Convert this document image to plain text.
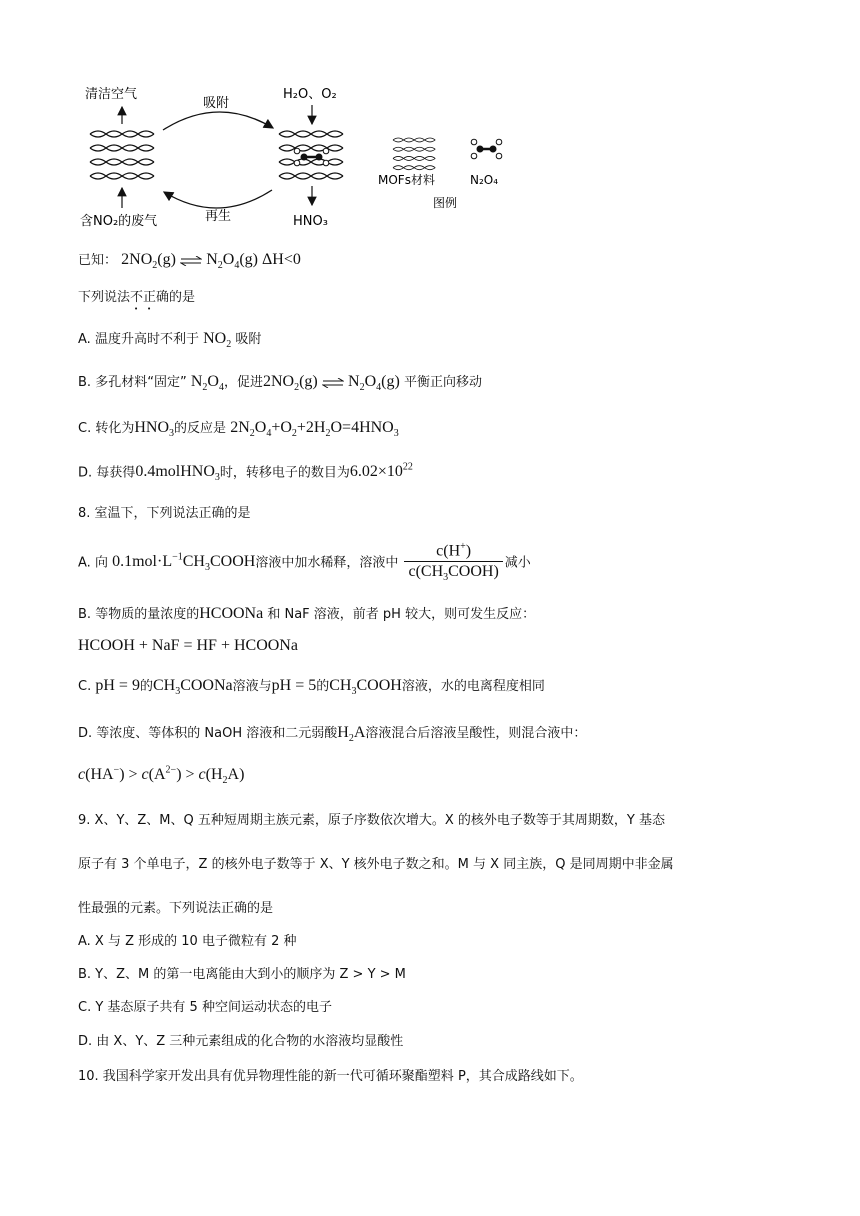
清洁空气
吸附
H₂O、O₂
再生
含NO₂的废气	HNO₃
MOFs材料	N₂O₄
图例
已知： $2NO_2(g)$ ⇌ $N_2O_4(g)$ ΔH<0
下列说法不正确的是
A. 温度升高时不利于 $NO_2$ 吸附
B. 多孔材料“固定” $N_2O_4$，促进$2NO_2(g)$ ⇌ $N_2O_4(g)$ 平衡正向移动
C. 转化为$HNO_3$的反应是 $2N_2O_4+O_2+2H_2O=4HNO_3$
D. 每获得0.4molHNO$_3$时，转移电子的数目为$6.02\times 10^{22}$
8. 室温下，下列说法正确的是
A. 向 $0.1mol\cdot L^{-1}CH_3COOH$溶液中加水稀释，溶液中 $\frac{c(H^+)}{c(CH_3COOH)}$ 减小
B. 等物质的量浓度的HCOONa 和 NaF 溶液，前者 pH 较大，则可发生反应：
HCOOH + NaF = HF + HCOONa
C. pH = 9的$CH_3COONa$溶液与pH = 5的$CH_3COOH$溶液，水的电离程度相同
D. 等浓度、等体积的 NaOH 溶液和二元弱酸$H_2A$溶液混合后溶液呈酸性，则混合液中：
$c(HA^-) > c(A^{2-}) > c(H_2A)$
9. X、Y、Z、M、Q 五种短周期主族元素，原子序数依次增大。X 的核外电子数等于其周期数，Y 基态
原子有 3 个单电子，Z 的核外电子数等于 X、Y 核外电子数之和。M 与 X 同主族，Q 是同周期中非金属
性最强的元素。下列说法正确的是
A. X 与 Z 形成的 10 电子微粒有 2 种
B. Y、Z、M 的第一电离能由大到小的顺序为 Z > Y > M
C. Y 基态原子共有 5 种空间运动状态的电子
D. 由 X、Y、Z 三种元素组成的化合物的水溶液均显酸性
10. 我国科学家开发出具有优异物理性能的新一代可循环聚酯塑料 P，其合成路线如下。
